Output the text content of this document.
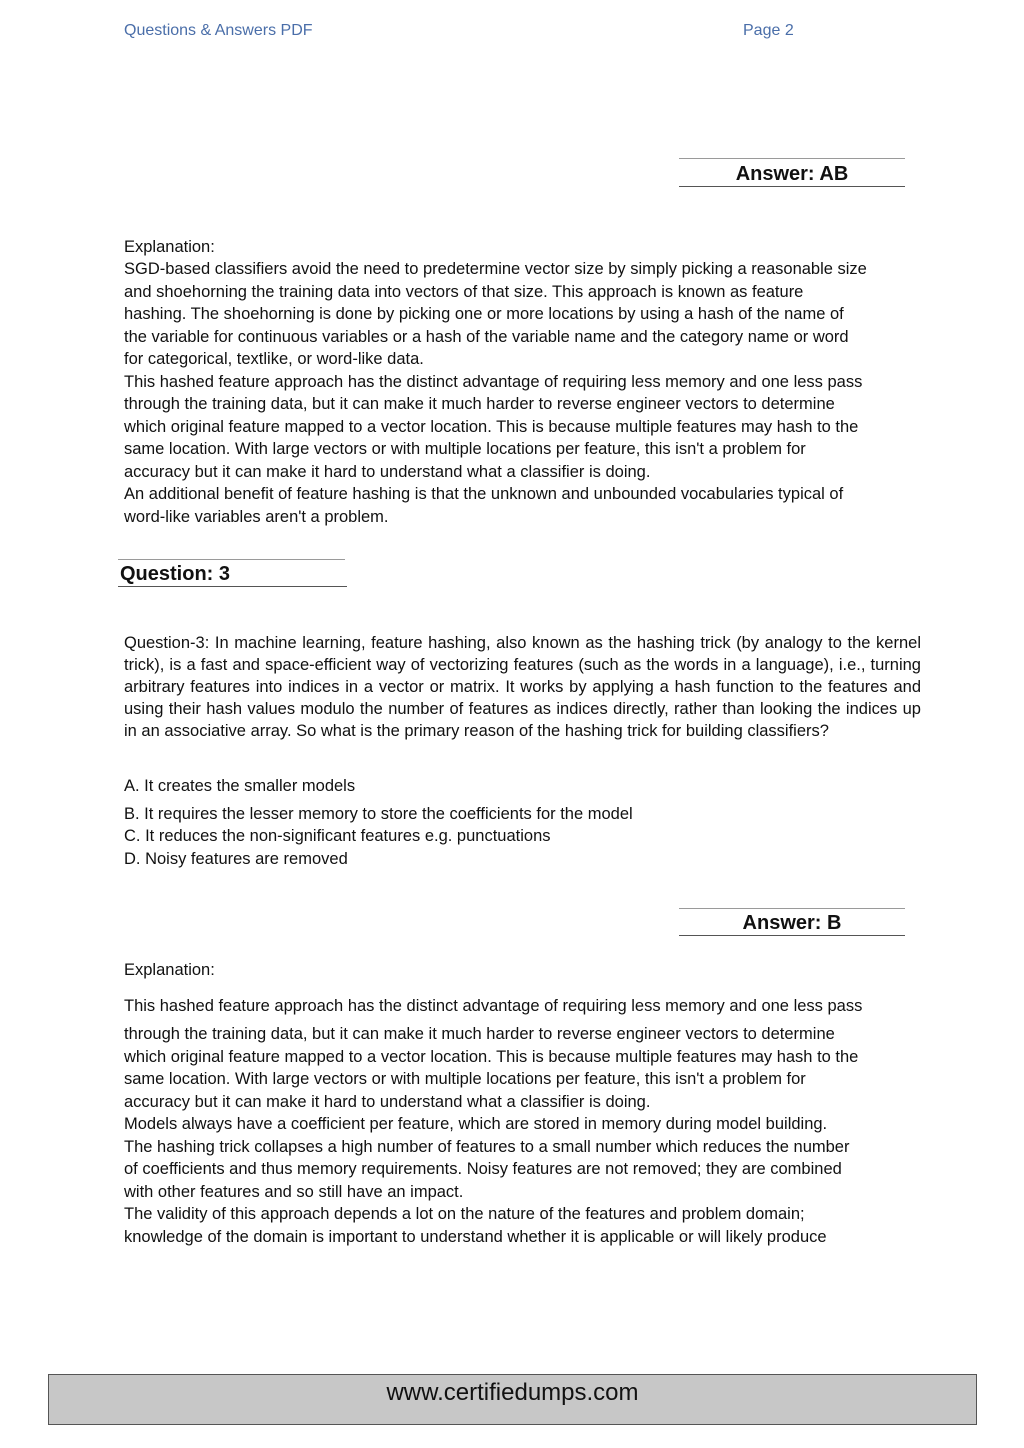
Questions & Answers PDF	Page 2
Answer: AB
Explanation:
SGD-based classifiers avoid the need to predetermine vector size by simply picking a reasonable size
and shoehorning the training data into vectors of that size. This approach is known as feature
hashing. The shoehorning is done by picking one or more locations by using a hash of the name of
the variable for continuous variables or a hash of the variable name and the category name or word
for categorical, textlike, or word-like data.
This hashed feature approach has the distinct advantage of requiring less memory and one less pass
through the training data, but it can make it much harder to reverse engineer vectors to determine
which original feature mapped to a vector location. This is because multiple features may hash to the
same location. With large vectors or with multiple locations per feature, this isn't a problem for
accuracy but it can make it hard to understand what a classifier is doing.
An additional benefit of feature hashing is that the unknown and unbounded vocabularies typical of
word-like variables aren't a problem.
Question: 3
Question-3: In machine learning, feature hashing, also known as the hashing trick (by analogy to the kernel trick), is a fast and space-efficient way of vectorizing features (such as the words in a language), i.e., turning arbitrary features into indices in a vector or matrix. It works by applying a hash function to the features and using their hash values modulo the number of features as indices directly, rather than looking the indices up in an associative array. So what is the primary reason of the hashing trick for building classifiers?
A. It creates the smaller models
B. It requires the lesser memory to store the coefficients for the model
C. It reduces the non-significant features e.g. punctuations
D. Noisy features are removed
Answer: B
Explanation:
This hashed feature approach has the distinct advantage of requiring less memory and one less pass
through the training data, but it can make it much harder to reverse engineer vectors to determine
which original feature mapped to a vector location. This is because multiple features may hash to the
same location. With large vectors or with multiple locations per feature, this isn't a problem for
accuracy but it can make it hard to understand what a classifier is doing.
Models always have a coefficient per feature, which are stored in memory during model building.
The hashing trick collapses a high number of features to a small number which reduces the number
of coefficients and thus memory requirements. Noisy features are not removed; they are combined
with other features and so still have an impact.
The validity of this approach depends a lot on the nature of the features and problem domain;
knowledge of the domain is important to understand whether it is applicable or will likely produce
www.certifiedumps.com
